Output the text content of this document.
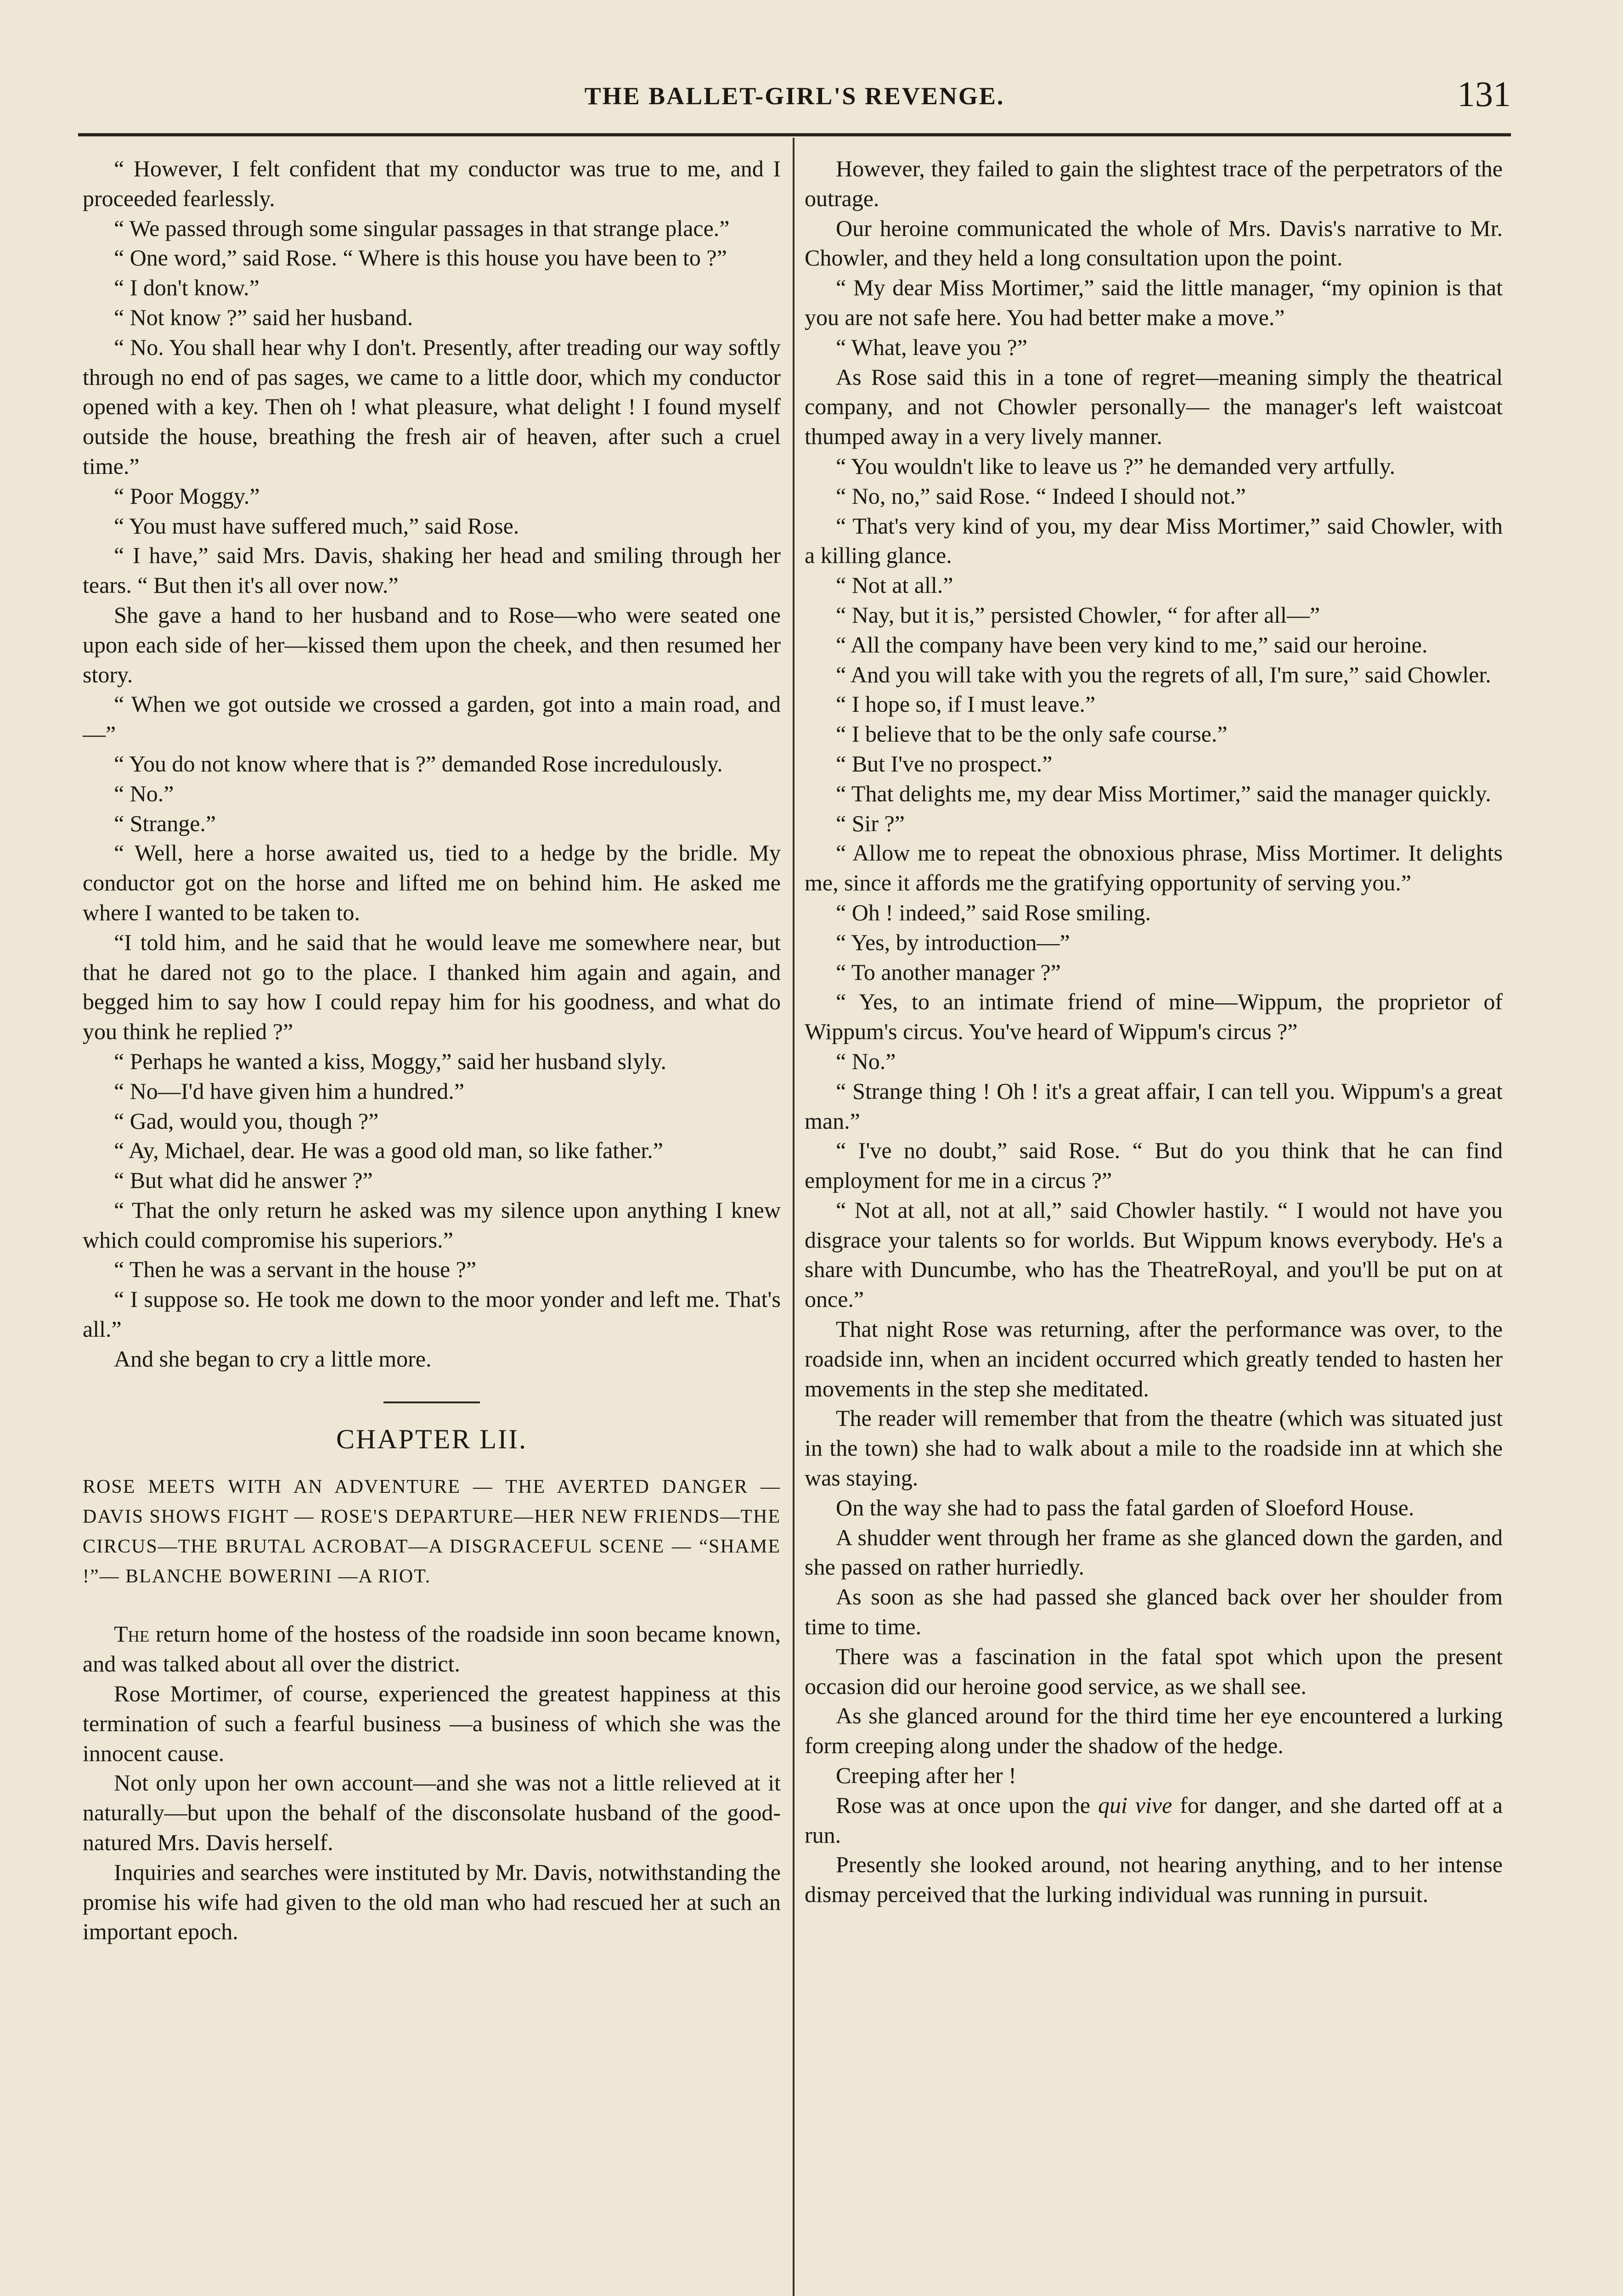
THE BALLET-GIRL'S REVENGE.	131

“ However, I felt confident that my conductor was true to me, and I proceeded fearlessly.

“ We passed through some singular passages in that strange place.”

“ One word,” said Rose. “ Where is this house you have been to ?”

“ I don't know.”

“ Not know ?” said her husband.

“ No. You shall hear why I don't. Presently, after treading our way softly through no end of pas sages, we came to a little door, which my conductor opened with a key. Then oh ! what pleasure, what delight ! I found myself outside the house, breathing the fresh air of heaven, after such a cruel time.”

“ Poor Moggy.”

“ You must have suffered much,” said Rose.

“ I have,” said Mrs. Davis, shaking her head and smiling through her tears. “ But then it's all over now.”

She gave a hand to her husband and to Rose—who were seated one upon each side of her—kissed them upon the cheek, and then resumed her story.

“ When we got outside we crossed a garden, got into a main road, and—”

“ You do not know where that is ?” demanded Rose incredulously.

“ No.”

“ Strange.”

“ Well, here a horse awaited us, tied to a hedge by the bridle. My conductor got on the horse and lifted me on behind him. He asked me where I wanted to be taken to.

“I told him, and he said that he would leave me somewhere near, but that he dared not go to the place. I thanked him again and again, and begged him to say how I could repay him for his goodness, and what do you think he replied ?”

“ Perhaps he wanted a kiss, Moggy,” said her husband slyly.

“ No—I'd have given him a hundred.”

“ Gad, would you, though ?”

“ Ay, Michael, dear. He was a good old man, so like father.”

“ But what did he answer ?”

“ That the only return he asked was my silence upon anything I knew which could compromise his superiors.”

“ Then he was a servant in the house ?”

“ I suppose so. He took me down to the moor yonder and left me. That's all.”

And she began to cry a little more.

CHAPTER LII.
ROSE MEETS WITH AN ADVENTURE — THE AVERTED DANGER — DAVIS SHOWS FIGHT — ROSE'S DEPARTURE—HER NEW FRIENDS—THE CIRCUS—THE BRUTAL ACROBAT—A DISGRACEFUL SCENE — “SHAME !”— BLANCHE BOWERINI —A RIOT.

The return home of the hostess of the roadside inn soon became known, and was talked about all over the district.

Rose Mortimer, of course, experienced the greatest happiness at this termination of such a fearful business —a business of which she was the innocent cause.

Not only upon her own account—and she was not a little relieved at it naturally—but upon the behalf of the disconsolate husband of the good-natured Mrs. Davis herself.

Inquiries and searches were instituted by Mr. Davis, notwithstanding the promise his wife had given to the old man who had rescued her at such an important epoch.

However, they failed to gain the slightest trace of the perpetrators of the outrage.

Our heroine communicated the whole of Mrs. Davis's narrative to Mr. Chowler, and they held a long consultation upon the point.

“ My dear Miss Mortimer,” said the little manager, “my opinion is that you are not safe here. You had better make a move.”

“ What, leave you ?”

As Rose said this in a tone of regret—meaning simply the theatrical company, and not Chowler personally— the manager's left waistcoat thumped away in a very lively manner.

“ You wouldn't like to leave us ?” he demanded very artfully.

“ No, no,” said Rose. “ Indeed I should not.”

“ That's very kind of you, my dear Miss Mortimer,” said Chowler, with a killing glance.

“ Not at all.”

“ Nay, but it is,” persisted Chowler, “ for after all—”

“ All the company have been very kind to me,” said our heroine.

“ And you will take with you the regrets of all, I'm sure,” said Chowler.

“ I hope so, if I must leave.”

“ I believe that to be the only safe course.”

“ But I've no prospect.”

“ That delights me, my dear Miss Mortimer,” said the manager quickly.

“ Sir ?”

“ Allow me to repeat the obnoxious phrase, Miss Mortimer. It delights me, since it affords me the gratifying opportunity of serving you.”

“ Oh ! indeed,” said Rose smiling.

“ Yes, by introduction—”

“ To another manager ?”

“ Yes, to an intimate friend of mine—Wippum, the proprietor of Wippum's circus. You've heard of Wippum's circus ?”

“ No.”

“ Strange thing ! Oh ! it's a great affair, I can tell you. Wippum's a great man.”

“ I've no doubt,” said Rose. “ But do you think that he can find employment for me in a circus ?”

“ Not at all, not at all,” said Chowler hastily. “ I would not have you disgrace your talents so for worlds. But Wippum knows everybody. He's a share with Duncumbe, who has the TheatreRoyal, and you'll be put on at once.”

That night Rose was returning, after the performance was over, to the roadside inn, when an incident occurred which greatly tended to hasten her movements in the step she meditated.

The reader will remember that from the theatre (which was situated just in the town) she had to walk about a mile to the roadside inn at which she was staying.

On the way she had to pass the fatal garden of Sloeford House.

A shudder went through her frame as she glanced down the garden, and she passed on rather hurriedly.

As soon as she had passed she glanced back over her shoulder from time to time.

There was a fascination in the fatal spot which upon the present occasion did our heroine good service, as we shall see.

As she glanced around for the third time her eye encountered a lurking form creeping along under the shadow of the hedge.

Creeping after her !

Rose was at once upon the qui vive for danger, and she darted off at a run.

Presently she looked around, not hearing anything, and to her intense dismay perceived that the lurking individual was running in pursuit.
